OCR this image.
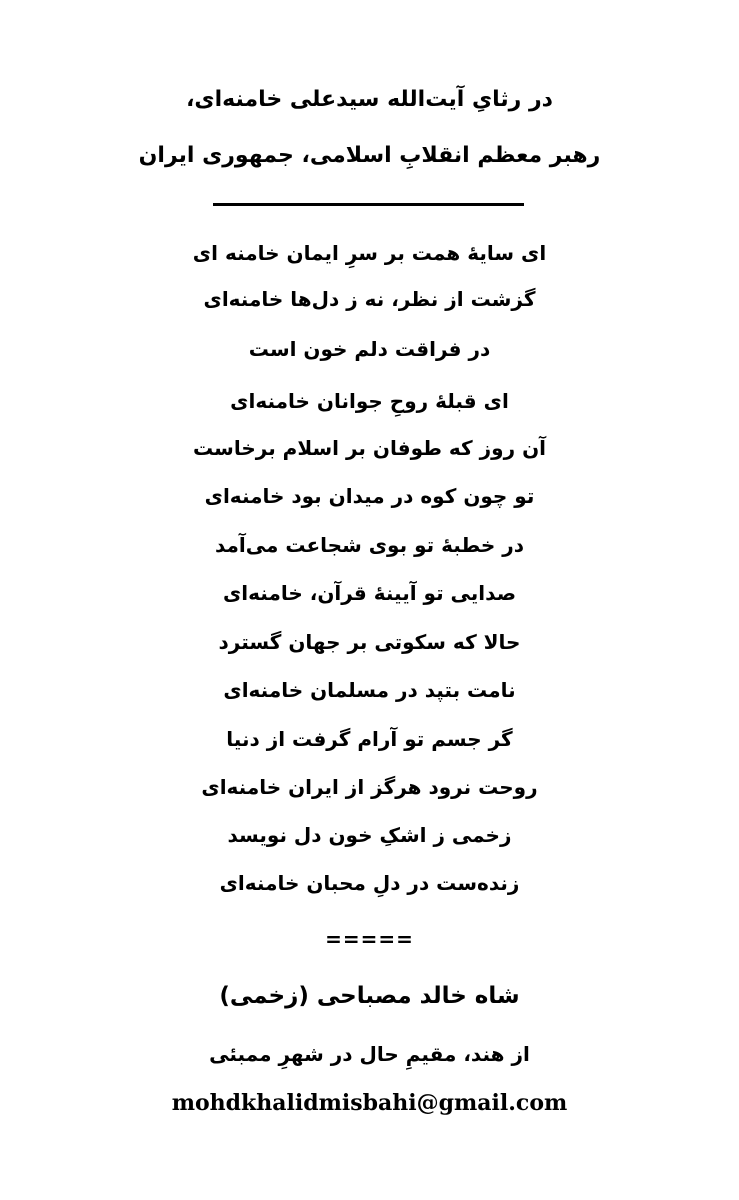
در رثایِ آیت‌الله سیدعلی خامنه‌ای،
رهبر معظم انقلابِ اسلامی، جمهوری ایران
ای سایهٔ همت بر سرِ ایمان خامنه ای
گزشت از نظر، نه ز دل‌ها خامنه‌ای
در فراقت دلم خون است
ای قبلهٔ روحِ جوانان خامنه‌ای
آن روز که طوفان بر اسلام برخاست
تو چون کوه در میدان بود خامنه‌ای
در خطبهٔ تو بوی شجاعت می‌آمد
صدایی تو آیینهٔ قرآن، خامنه‌ای
حالا که سکوتی بر جهان گسترد
نامت بتپد در مسلمان خامنه‌ای
گر جسم تو آرام گرفت از دنیا
روحت نرود هرگز از ایران خامنه‌ای
زخمی ز اشکِ خون دل نویسد
زنده‌ست در دلِ محبان خامنه‌ای
=====
شاه خالد مصباحی (زخمی)
از هند، مقیمِ حال در شهرِ ممبئی
mohdkhalidmisbahi@gmail.com
